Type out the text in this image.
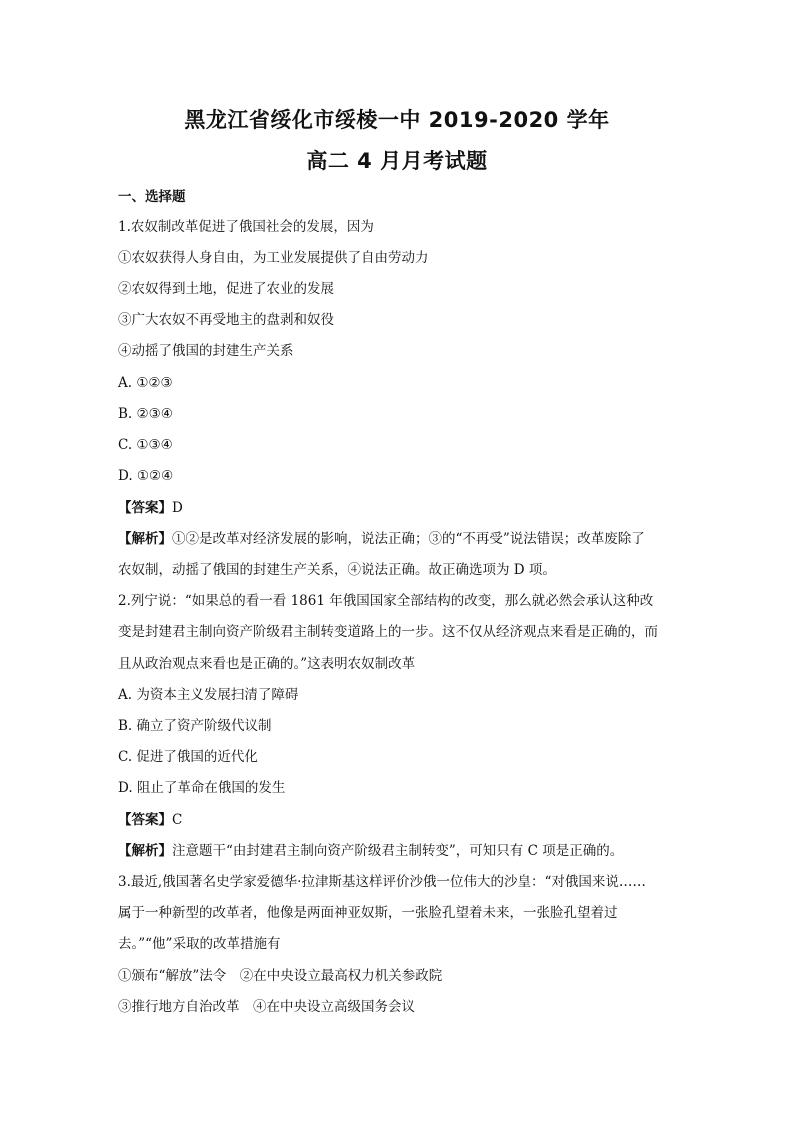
黑龙江省绥化市绥棱一中 2019-2020 学年
高二 4 月月考试题
一、选择题
1.农奴制改革促进了俄国社会的发展，因为
①农奴获得人身自由，为工业发展提供了自由劳动力
②农奴得到土地，促进了农业的发展
③广大农奴不再受地主的盘剥和奴役
④动摇了俄国的封建生产关系
A. ①②③
B. ②③④
C. ①③④
D. ①②④
【答案】D
【解析】①②是改革对经济发展的影响，说法正确；③的“不再受”说法错误；改革废除了
农奴制，动摇了俄国的封建生产关系，④说法正确。故正确选项为 D 项。
2.列宁说：“如果总的看一看 1861 年俄国国家全部结构的改变，那么就必然会承认这种改
变是封建君主制向资产阶级君主制转变道路上的一步。这不仅从经济观点来看是正确的，而
且从政治观点来看也是正确的。”这表明农奴制改革
A. 为资本主义发展扫清了障碍
B. 确立了资产阶级代议制
C. 促进了俄国的近代化
D. 阻止了革命在俄国的发生
【答案】C
【解析】注意题干“由封建君主制向资产阶级君主制转变”，可知只有 C 项是正确的。
3.最近,俄国著名史学家爱德华·拉津斯基这样评价沙俄一位伟大的沙皇：“对俄国来说……
属于一种新型的改革者，他像是两面神亚奴斯，一张脸孔望着未来，一张脸孔望着过
去。”“他”采取的改革措施有
①颁布“解放”法令　②在中央设立最高权力机关参政院
③推行地方自治改革　④在中央设立高级国务会议
